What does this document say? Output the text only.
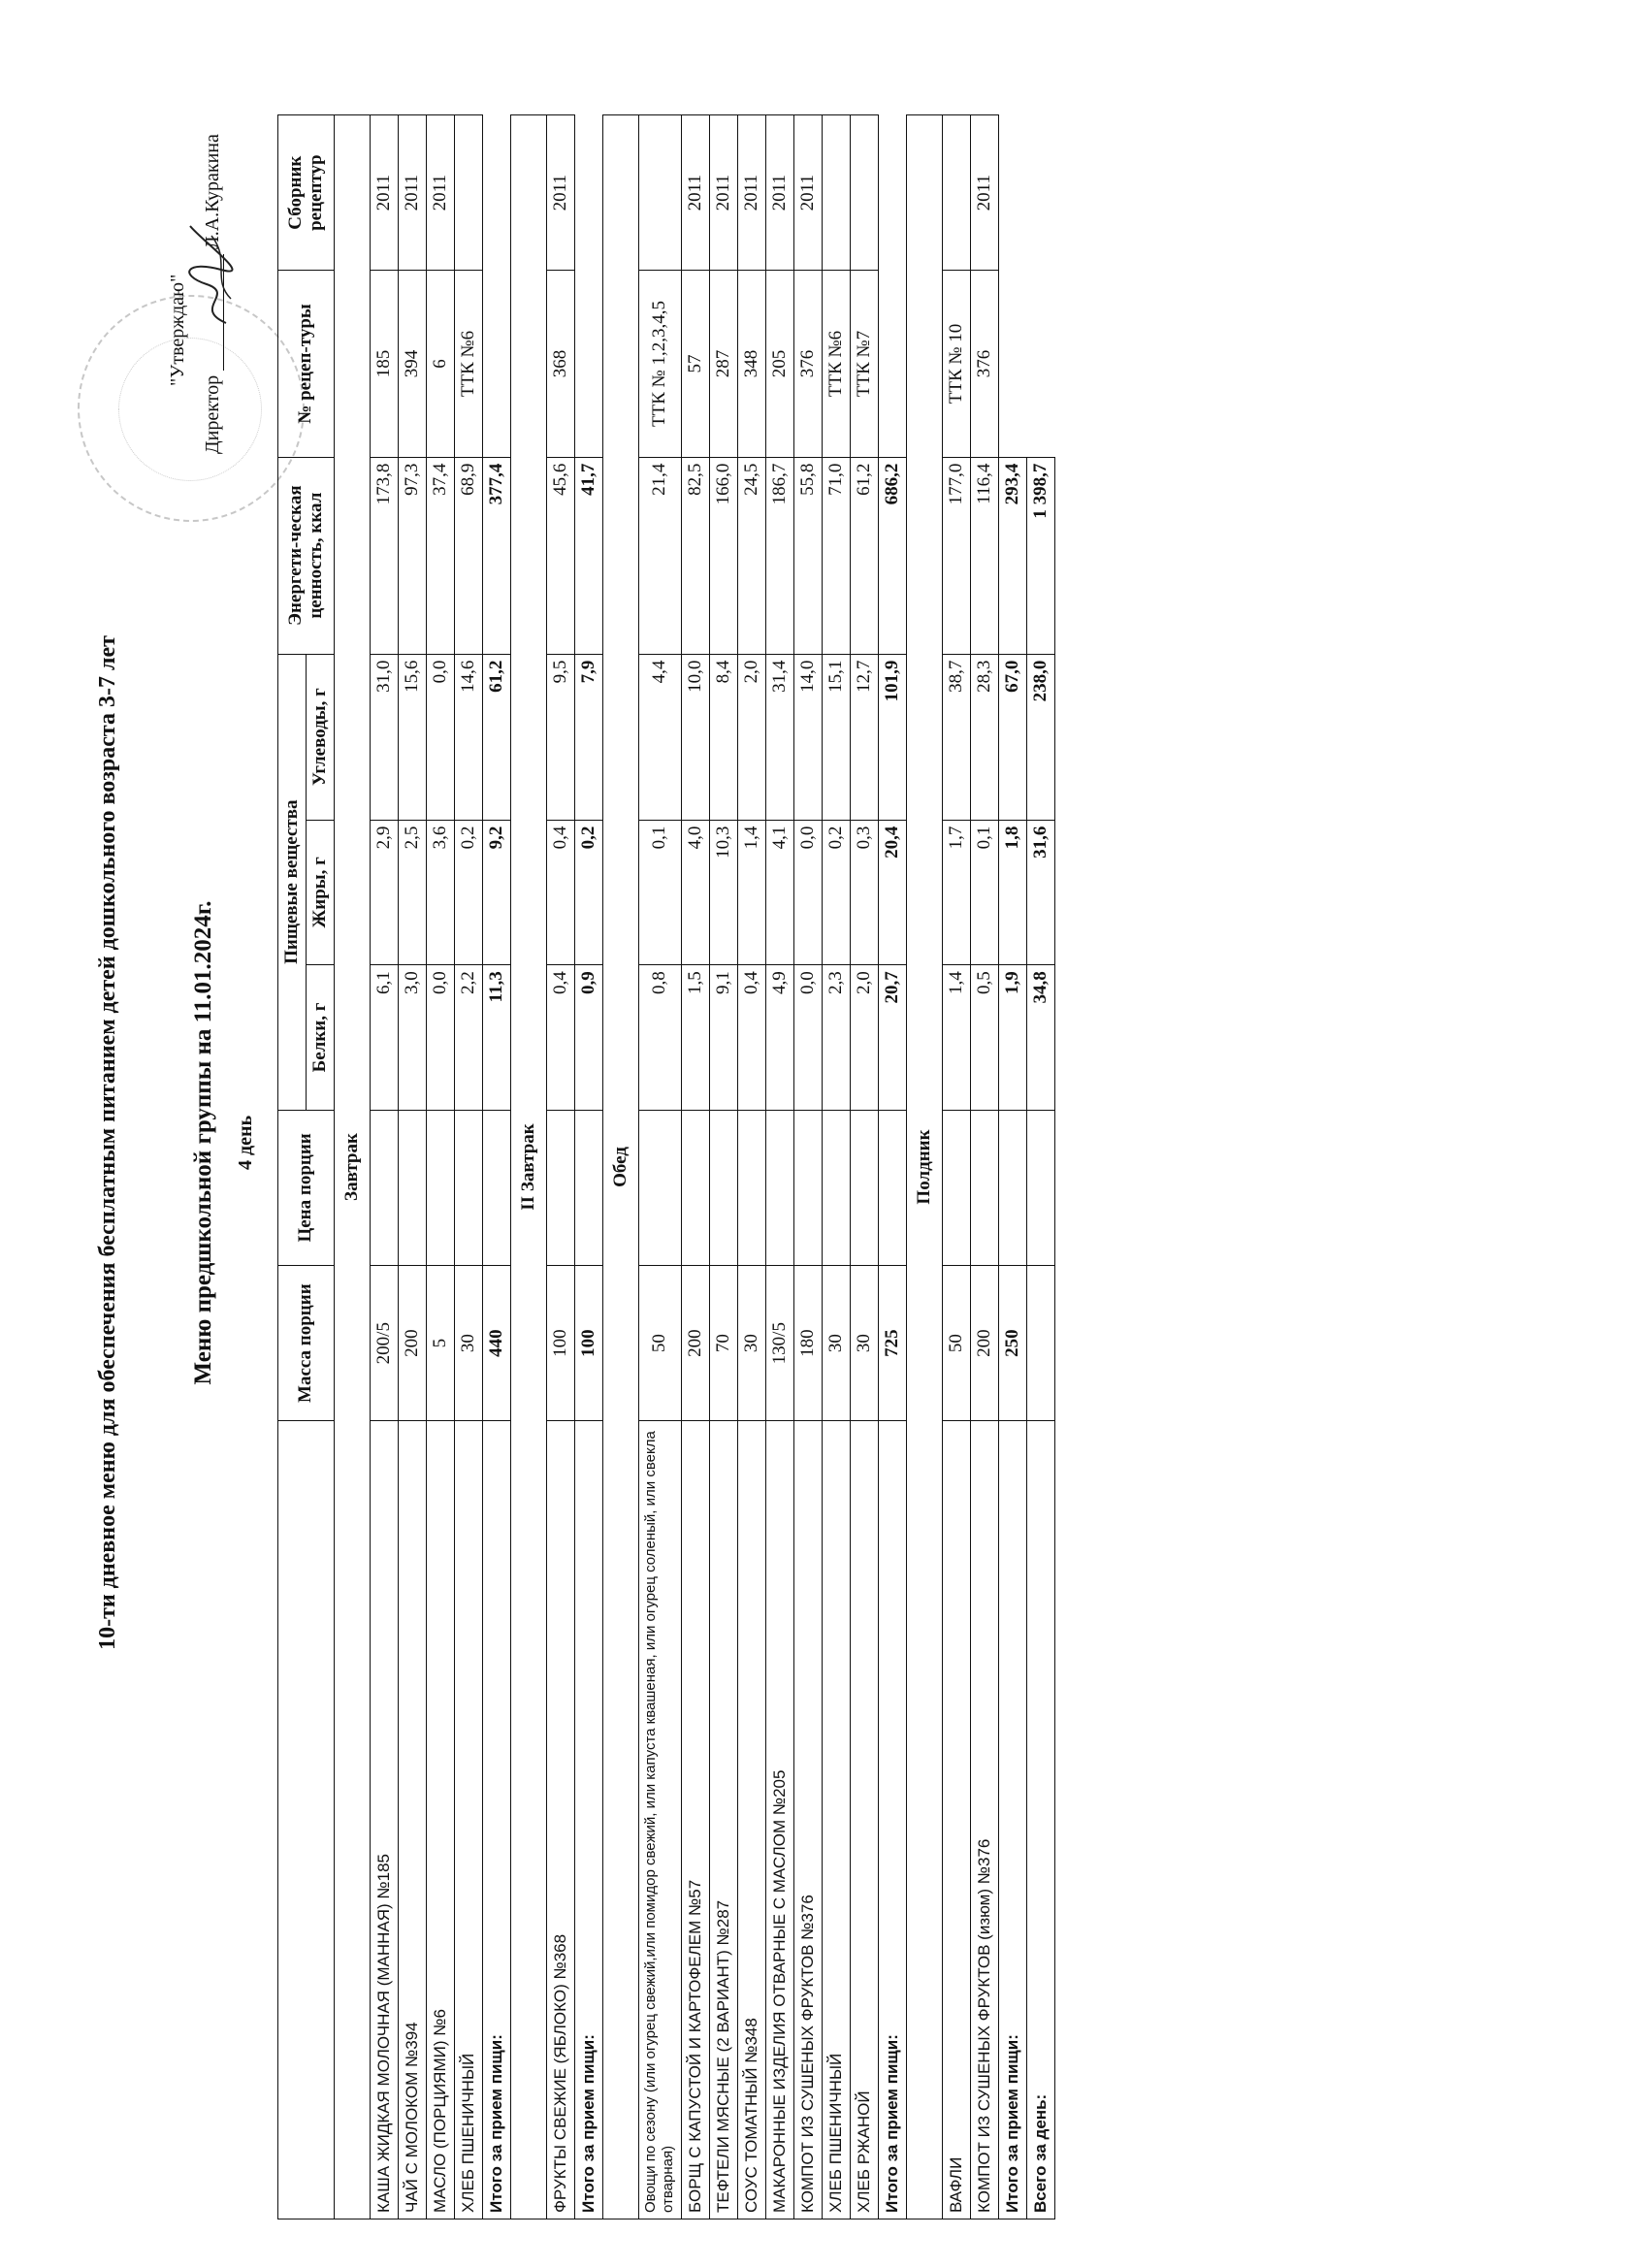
10-ти дневное меню для обеспечения бесплатным питанием детей дошкольного возраста 3-7 лет
"Утверждаю"
Директор  Л.А.Куракина
Меню предшкольной группы на 11.01.2024г. 4 день
	Масса порции	Цена порции	Пищевые вещества			Энергети-ческая ценность, ккал	№ рецеп-туры	Сборник рецептур
			Белки, г	Жиры, г	Углеводы, г			
Завтрак								
КАША ЖИДКАЯ МОЛОЧНАЯ (МАННАЯ) №185	200/5		6,1	2,9	31,0	173,8	185	2011
ЧАЙ С МОЛОКОМ №394	200		3,0	2,5	15,6	97,3	394	2011
МАСЛО (ПОРЦИЯМИ) №6	5		0,0	3,6	0,0	37,4	6	2011
ХЛЕБ ПШЕНИЧНЫЙ	30		2,2	0,2	14,6	68,9	ТТК №6	
Итого за прием пищи:	440		11,3	9,2	61,2	377,4		
II Завтрак								
ФРУКТЫ СВЕЖИЕ (ЯБЛОКО) №368	100		0,4	0,4	9,5	45,6	368	2011
Итого за прием пищи:	100		0,9	0,2	7,9	41,7		
Обед								
Овощи по сезону (или огурец свежий,или помидор свежий, или капуста квашеная, или огурец соленый, или свекла отварная)	50		0,8	0,1	4,4	21,4	ТТК № 1,2,3,4,5	
БОРЩ С КАПУСТОЙ И КАРТОФЕЛЕМ №57	200		1,5	4,0	10,0	82,5	57	2011
ТЕФТЕЛИ МЯСНЫЕ (2 ВАРИАНТ) №287	70		9,1	10,3	8,4	166,0	287	2011
СОУС ТОМАТНЫЙ №348	30		0,4	1,4	2,0	24,5	348	2011
МАКАРОННЫЕ ИЗДЕЛИЯ ОТВАРНЫЕ С МАСЛОМ №205	130/5		4,9	4,1	31,4	186,7	205	2011
КОМПОТ ИЗ СУШЕНЫХ ФРУКТОВ №376	180		0,0	0,0	14,0	55,8	376	2011
ХЛЕБ ПШЕНИЧНЫЙ	30		2,3	0,2	15,1	71,0	ТТК №6	
ХЛЕБ РЖАНОЙ	30		2,0	0,3	12,7	61,2	ТТК №7	
Итого за прием пищи:	725		20,7	20,4	101,9	686,2		
Полдник								
ВАФЛИ	50		1,4	1,7	38,7	177,0	ТТК № 10	
КОМПОТ ИЗ СУШЕНЫХ ФРУКТОВ (изюм) №376	200		0,5	0,1	28,3	116,4	376	2011
Итого за прием пищи:	250		1,9	1,8	67,0	293,4		
Всего за день:			34,8	31,6	238,0	1 398,7		
